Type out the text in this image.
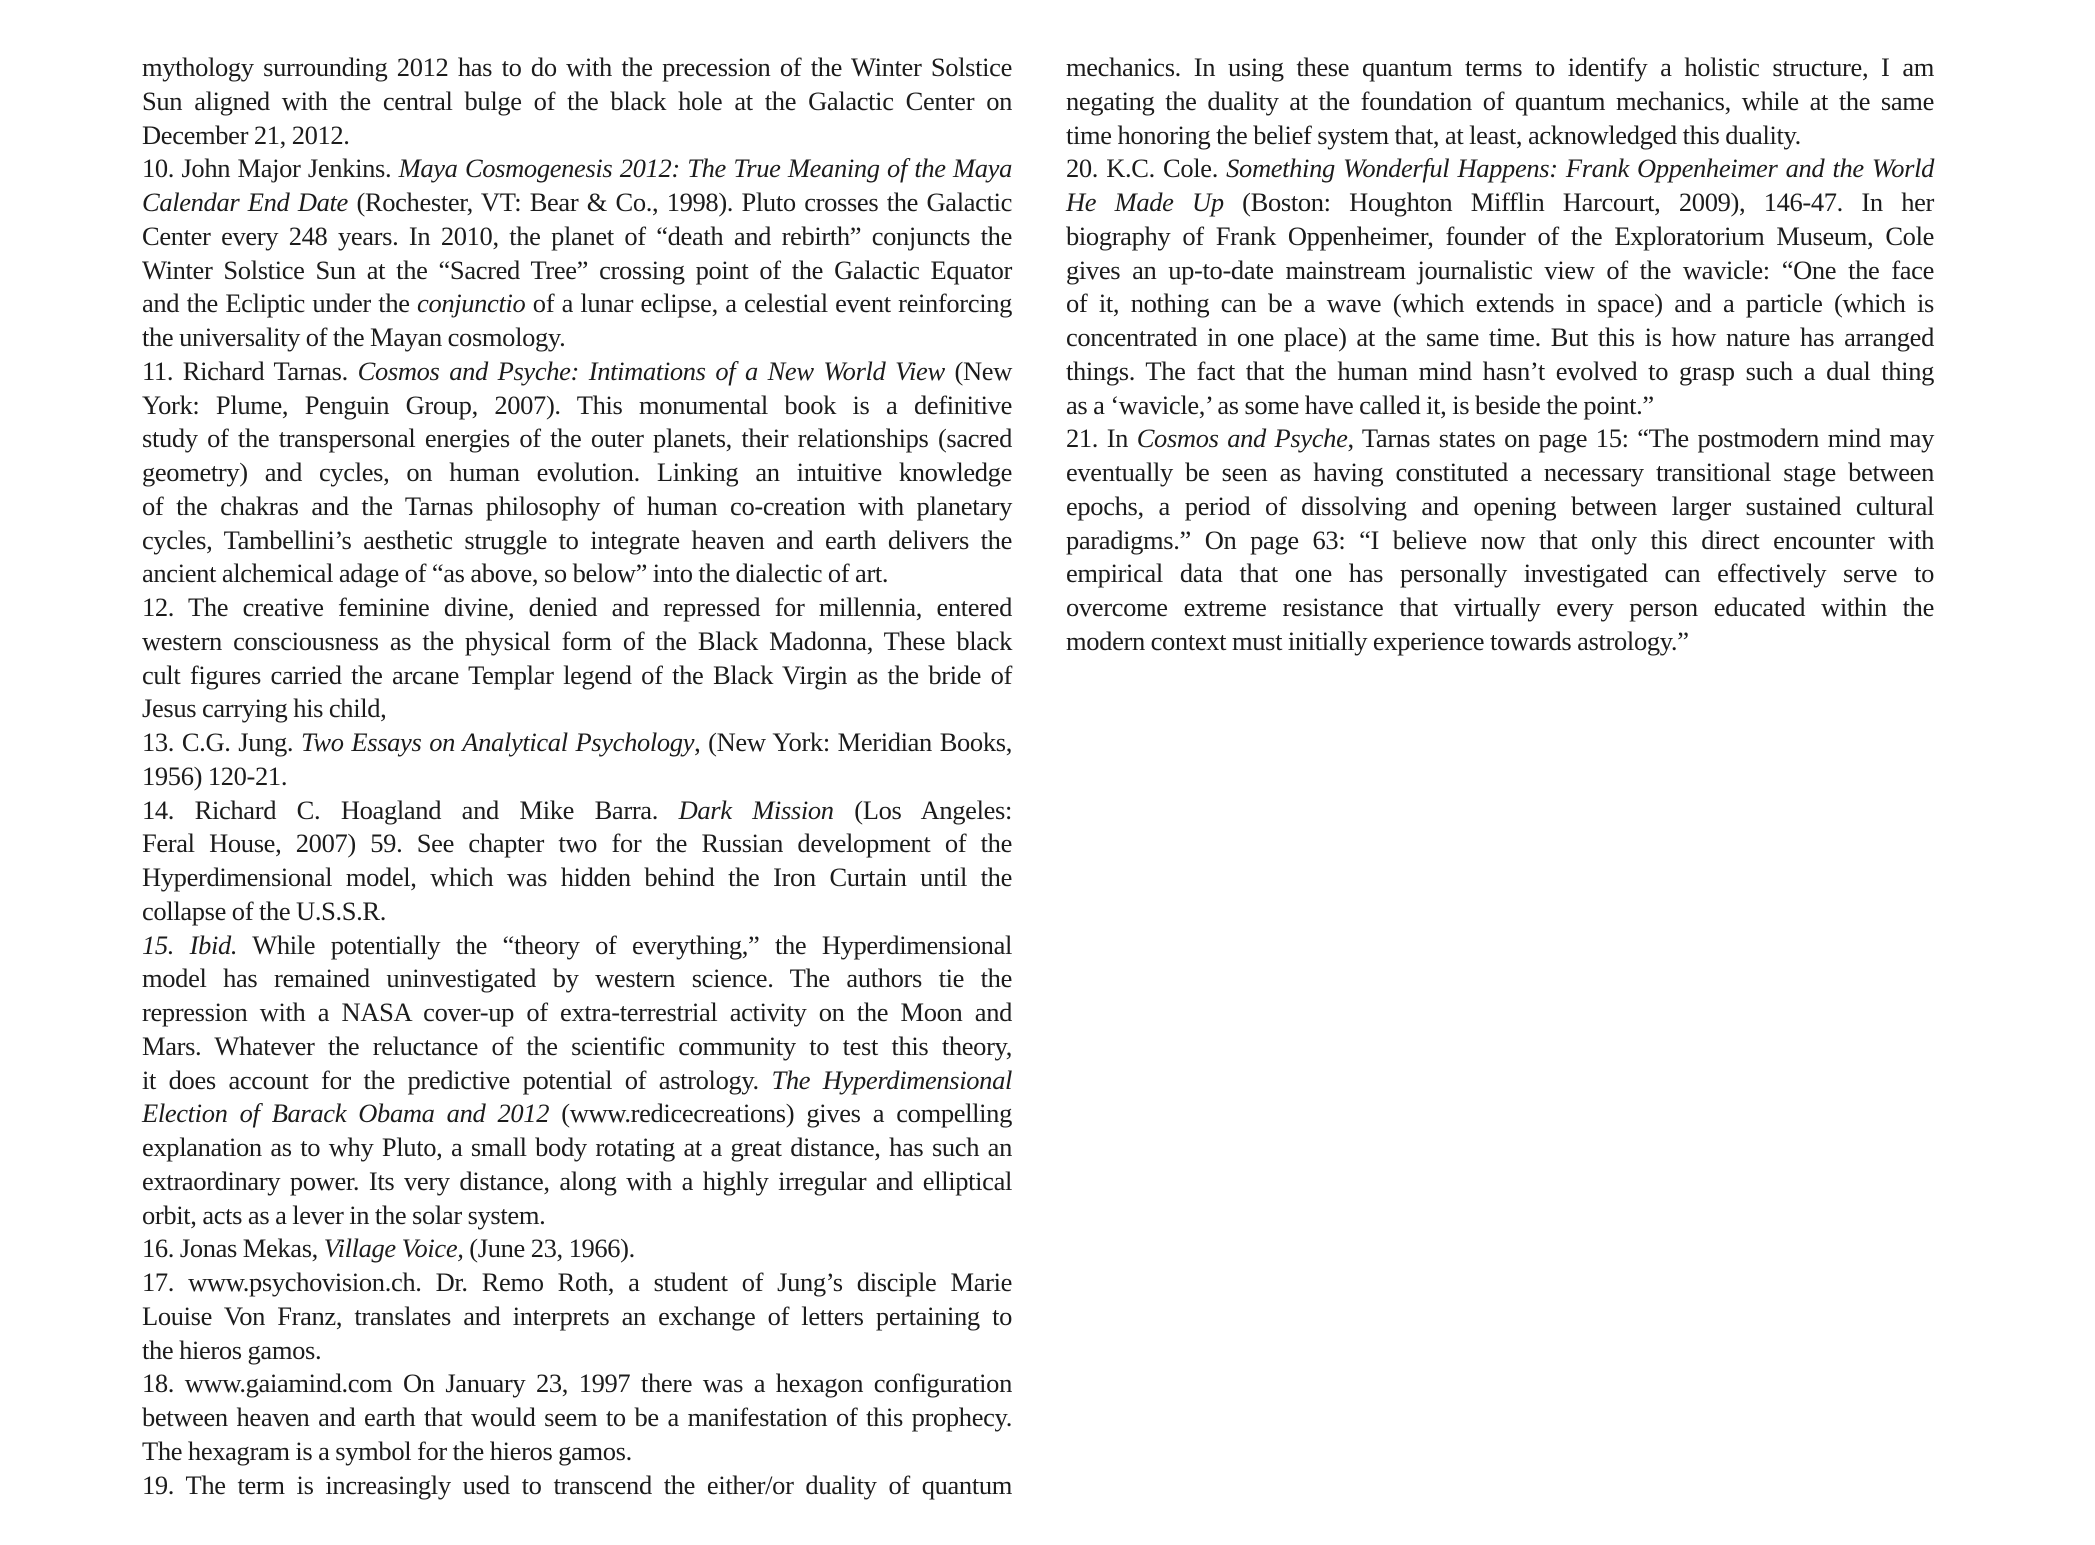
mythology surrounding 2012 has to do with the precession of the Winter Solstice
Sun aligned with the central bulge of the black hole at the Galactic Center on
December 21, 2012.
10. John Major Jenkins. Maya Cosmogenesis 2012: The True Meaning of the Maya
Calendar End Date (Rochester, VT: Bear & Co., 1998). Pluto crosses the Galactic
Center every 248 years. In 2010, the planet of “death and rebirth” conjuncts the
Winter Solstice Sun at the “Sacred Tree” crossing point of the Galactic Equator
and the Ecliptic under the conjunctio of a lunar eclipse, a celestial event reinforcing
the universality of the Mayan cosmology.
11. Richard Tarnas. Cosmos and Psyche: Intimations of a New World View (New
York: Plume, Penguin Group, 2007). This monumental book is a definitive
study of the transpersonal energies of the outer planets, their relationships (sacred
geometry) and cycles, on human evolution. Linking an intuitive knowledge
of the chakras and the Tarnas philosophy of human co-creation with planetary
cycles, Tambellini’s aesthetic struggle to integrate heaven and earth delivers the
ancient alchemical adage of “as above, so below” into the dialectic of art.
12. The creative feminine divine, denied and repressed for millennia, entered
western consciousness as the physical form of the Black Madonna, These black
cult figures carried the arcane Templar legend of the Black Virgin as the bride of
Jesus carrying his child,
13. C.G. Jung. Two Essays on Analytical Psychology, (New York: Meridian Books,
1956) 120-21.
14. Richard C. Hoagland and Mike Barra. Dark Mission (Los Angeles:
Feral House, 2007) 59. See chapter two for the Russian development of the
Hyperdimensional model, which was hidden behind the Iron Curtain until the
collapse of the U.S.S.R.
15. Ibid. While potentially the “theory of everything,” the Hyperdimensional
model has remained uninvestigated by western science. The authors tie the
repression with a NASA cover-up of extra-terrestrial activity on the Moon and
Mars. Whatever the reluctance of the scientific community to test this theory,
it does account for the predictive potential of astrology. The Hyperdimensional
Election of Barack Obama and 2012 (www.redicecreations) gives a compelling
explanation as to why Pluto, a small body rotating at a great distance, has such an
extraordinary power. Its very distance, along with a highly irregular and elliptical
orbit, acts as a lever in the solar system.
16. Jonas Mekas, Village Voice, (June 23, 1966).
17. www.psychovision.ch. Dr. Remo Roth, a student of Jung’s disciple Marie
Louise Von Franz, translates and interprets an exchange of letters pertaining to
the hieros gamos.
18. www.gaiamind.com On January 23, 1997 there was a hexagon configuration
between heaven and earth that would seem to be a manifestation of this prophecy.
The hexagram is a symbol for the hieros gamos.
19. The term is increasingly used to transcend the either/or duality of quantum
mechanics. In using these quantum terms to identify a holistic structure, I am
negating the duality at the foundation of quantum mechanics, while at the same
time honoring the belief system that, at least, acknowledged this duality.
20. K.C. Cole. Something Wonderful Happens: Frank Oppenheimer and the World
He Made Up (Boston: Houghton Mifflin Harcourt, 2009), 146-47. In her
biography of Frank Oppenheimer, founder of the Exploratorium Museum, Cole
gives an up-to-date mainstream journalistic view of the wavicle: “One the face
of it, nothing can be a wave (which extends in space) and a particle (which is
concentrated in one place) at the same time. But this is how nature has arranged
things. The fact that the human mind hasn’t evolved to grasp such a dual thing
as a ‘wavicle,’ as some have called it, is beside the point.”
21. In Cosmos and Psyche, Tarnas states on page 15: “The postmodern mind may
eventually be seen as having constituted a necessary transitional stage between
epochs, a period of dissolving and opening between larger sustained cultural
paradigms.” On page 63: “I believe now that only this direct encounter with
empirical data that one has personally investigated can effectively serve to
overcome extreme resistance that virtually every person educated within the
modern context must initially experience towards astrology.”
